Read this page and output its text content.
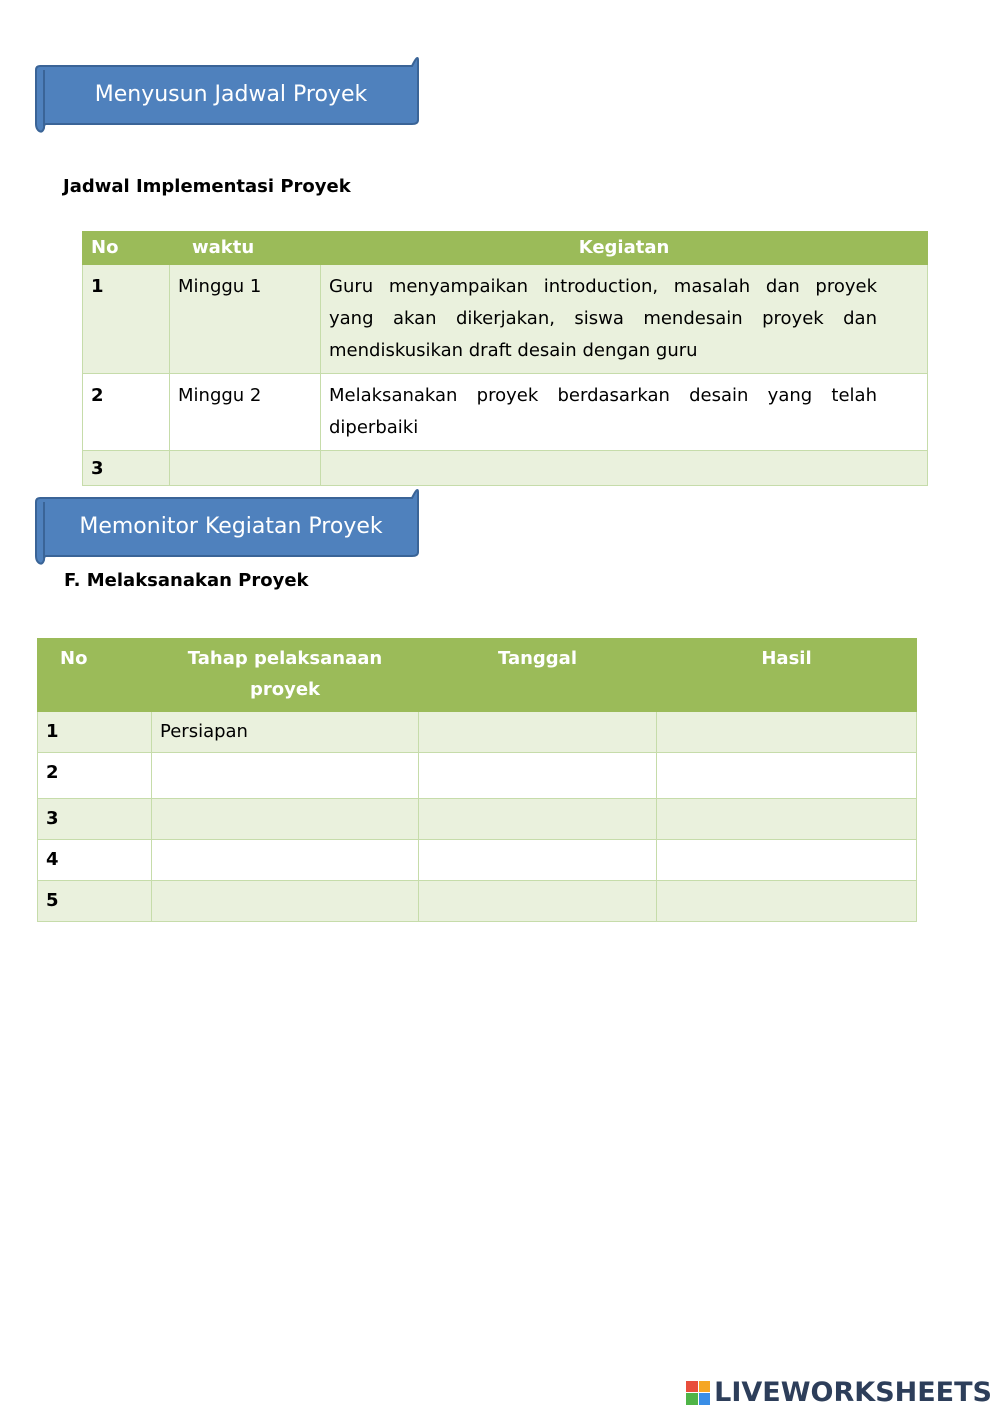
Menyusun Jadwal Proyek
Jadwal Implementasi Proyek
No	waktu	Kegiatan
1	Minggu 1	Guru menyampaikan introduction, masalah dan proyek yang akan dikerjakan, siswa mendesain proyek dan mendiskusikan draft desain dengan guru
2	Minggu 2	Melaksanakan proyek berdasarkan desain yang telah diperbaiki
3		
Memonitor Kegiatan Proyek
F. Melaksanakan Proyek
No	Tahap pelaksanaan proyek	Tanggal	Hasil
1	Persiapan		
2			
3			
4			
5			
LIVEWORKSHEETS
